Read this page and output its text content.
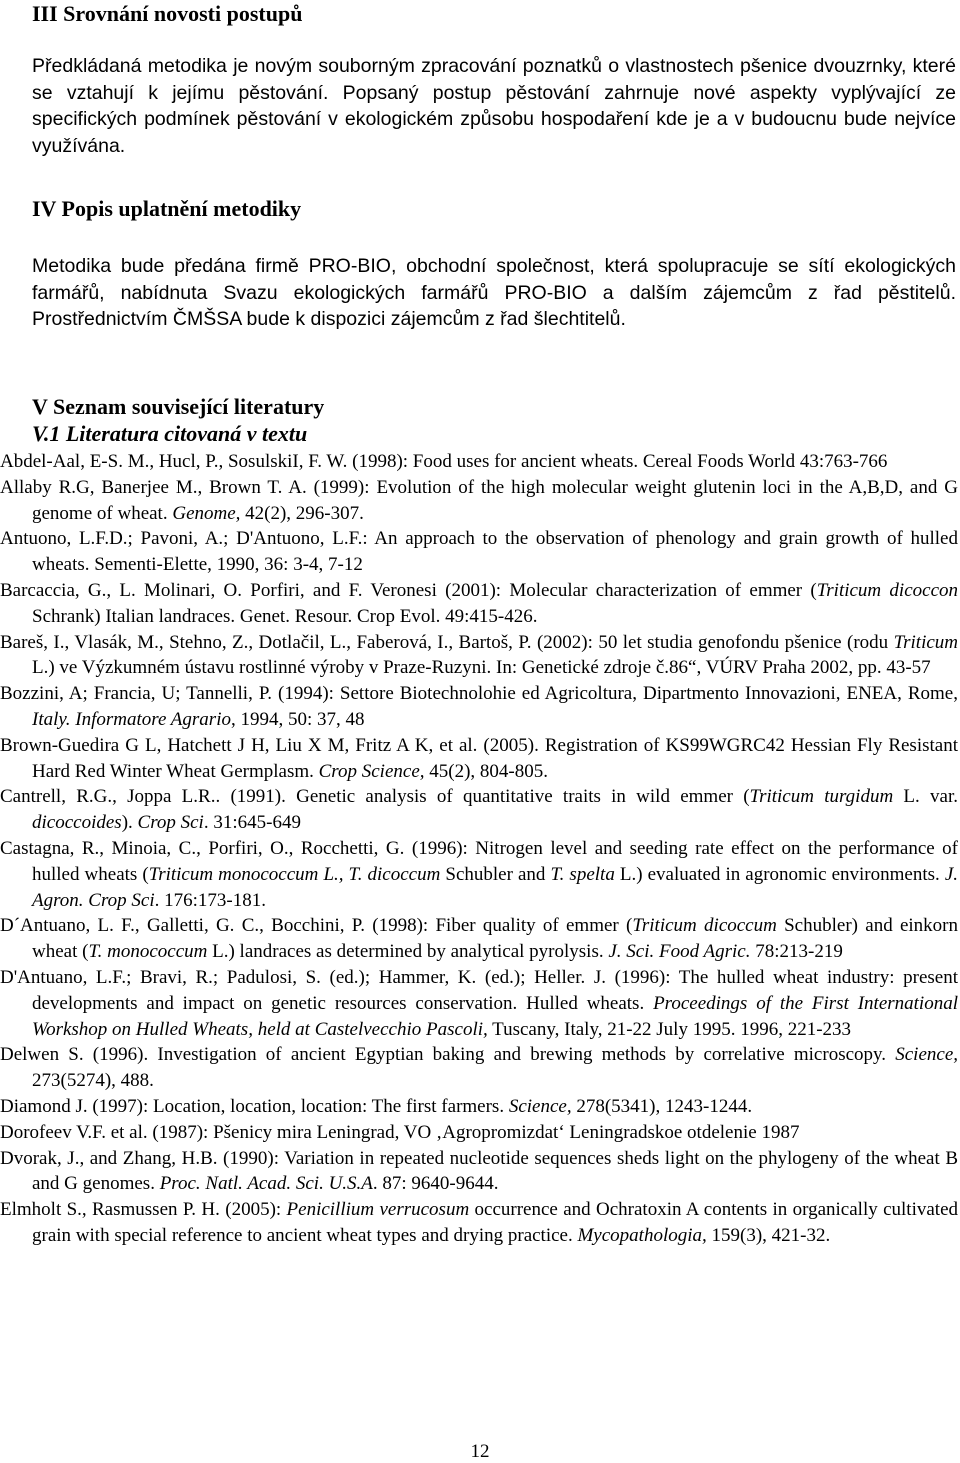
III Srovnání novosti postupů

Předkládaná metodika je novým souborným zpracování poznatků o vlastnostech pšenice dvouzrnky, které se vztahují k jejímu pěstování. Popsaný postup pěstování zahrnuje nové aspekty vyplývající ze specifických podmínek pěstování v ekologickém způsobu hospodaření kde je a v budoucnu bude nejvíce využívána.

IV Popis uplatnění metodiky

Metodika bude předána firmě PRO-BIO, obchodní společnost, která spolupracuje se sítí ekologických farmářů, nabídnuta Svazu ekologických farmářů PRO-BIO a dalším zájemcům z řad pěstitelů. Prostřednictvím ČMŠSA bude k dispozici zájemcům z řad šlechtitelů.

V Seznam související literatury
V.1 Literatura citovaná v textu

Abdel-Aal, E-S. M., Hucl, P., SosulskiI, F. W. (1998): Food uses for ancient wheats. Cereal Foods World 43:763-766

Allaby R.G, Banerjee M., Brown T. A. (1999): Evolution of the high molecular weight glutenin loci in the A,B,D, and G genome of wheat. Genome, 42(2), 296-307.

Antuono, L.F.D.; Pavoni, A.; D'Antuono, L.F.: An approach to the observation of phenology and grain growth of hulled wheats. Sementi-Elette, 1990, 36: 3-4, 7-12

Barcaccia, G., L. Molinari, O. Porfiri, and F. Veronesi (2001): Molecular characterization of emmer (Triticum dicoccon Schrank) Italian landraces. Genet. Resour. Crop Evol. 49:415-426.

Bareš, I., Vlasák, M., Stehno, Z., Dotlačil, L., Faberová, I., Bartoš, P. (2002): 50 let studia genofondu pšenice (rodu Triticum L.) ve Výzkumném ústavu rostlinné výroby v Praze-Ruzyni. In: Genetické zdroje č.86“, VÚRV Praha 2002, pp. 43-57

Bozzini, A; Francia, U; Tannelli, P. (1994): Settore Biotechnolohie ed Agricoltura, Dipartmento Innovazioni, ENEA, Rome, Italy. Informatore Agrario, 1994, 50: 37, 48

Brown-Guedira G L, Hatchett J H, Liu X M, Fritz A K, et al. (2005). Registration of KS99WGRC42 Hessian Fly Resistant Hard Red Winter Wheat Germplasm. Crop Science, 45(2), 804-805.

Cantrell, R.G., Joppa L.R.. (1991). Genetic analysis of quantitative traits in wild emmer (Triticum turgidum L. var. dicoccoides). Crop Sci. 31:645-649

Castagna, R., Minoia, C., Porfiri, O., Rocchetti, G. (1996): Nitrogen level and seeding rate effect on the performance of hulled wheats (Triticum monococcum L., T. dicoccum Schubler and T. spelta L.) evaluated in agronomic environments. J. Agron. Crop Sci. 176:173-181.

D´Antuano, L. F., Galletti, G. C., Bocchini, P. (1998): Fiber quality of emmer (Triticum dicoccum Schubler) and einkorn wheat (T. monococcum L.) landraces as determined by analytical pyrolysis. J. Sci. Food Agric. 78:213-219

D'Antuano, L.F.; Bravi, R.; Padulosi, S. (ed.); Hammer, K. (ed.); Heller. J. (1996): The hulled wheat industry: present developments and impact on genetic resources conservation. Hulled wheats. Proceedings of the First International Workshop on Hulled Wheats, held at Castelvecchio Pascoli, Tuscany, Italy, 21-22 July 1995. 1996, 221-233

Delwen S. (1996). Investigation of ancient Egyptian baking and brewing methods by correlative microscopy. Science, 273(5274), 488.

Diamond J. (1997): Location, location, location: The first farmers. Science, 278(5341), 1243-1244.

Dorofeev V.F. et al. (1987): Pšenicy mira Leningrad, VO ‚Agropromizdat‘ Leningradskoe otdelenie 1987

Dvorak, J., and Zhang, H.B. (1990): Variation in repeated nucleotide sequences sheds light on the phylogeny of the wheat B and G genomes. Proc. Natl. Acad. Sci. U.S.A. 87: 9640-9644.

Elmholt S., Rasmussen P. H. (2005): Penicillium verrucosum occurrence and Ochratoxin A contents in organically cultivated grain with special reference to ancient wheat types and drying practice. Mycopathologia, 159(3), 421-32.

12
